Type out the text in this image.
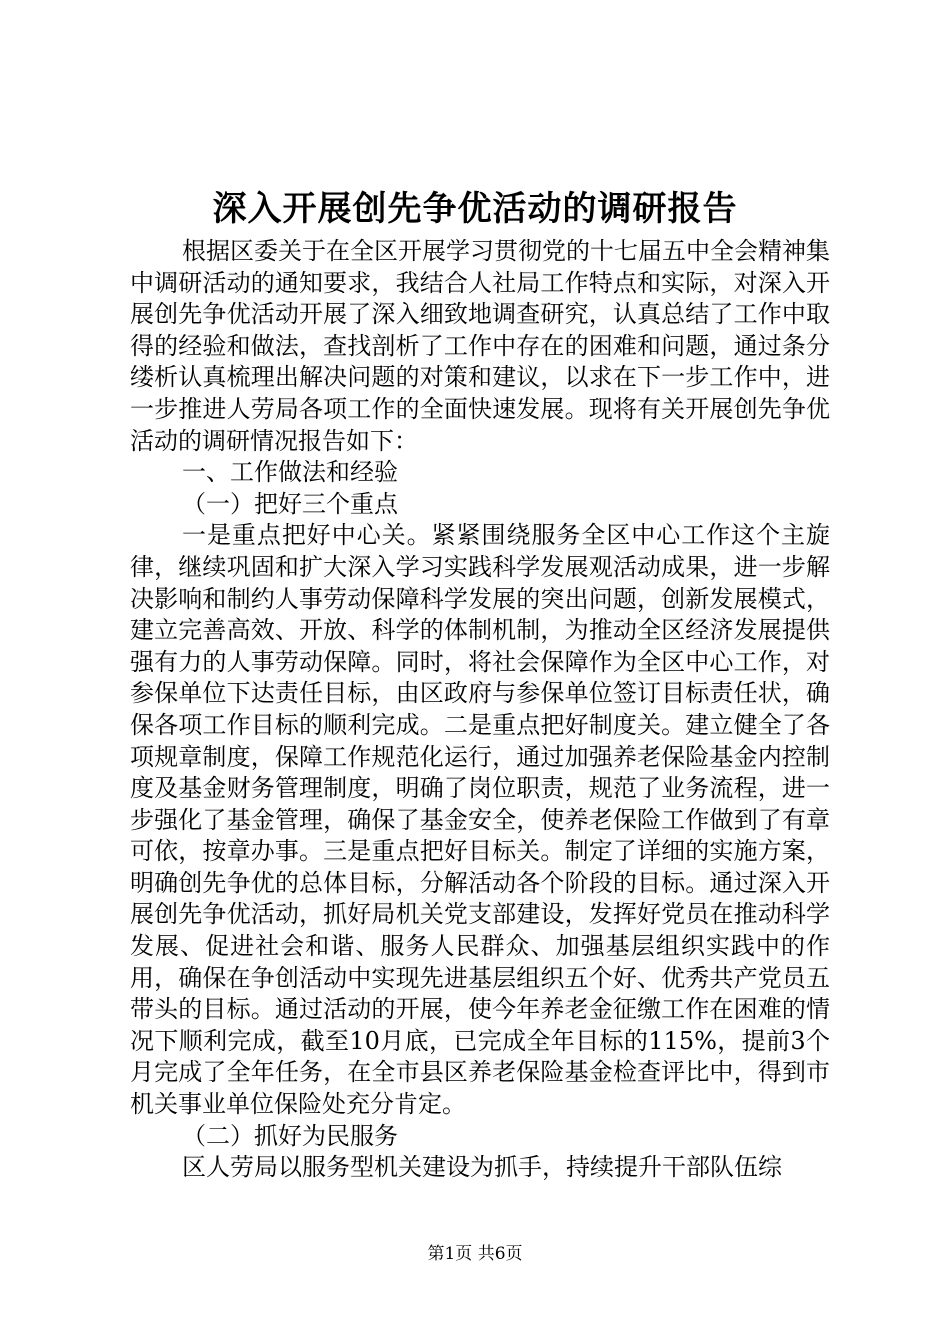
深入开展创先争优活动的调研报告

根据区委关于在全区开展学习贯彻党的十七届五中全会精神集中调研活动的通知要求，我结合人社局工作特点和实际，对深入开展创先争优活动开展了深入细致地调查研究，认真总结了工作中取得的经验和做法，查找剖析了工作中存在的困难和问题，通过条分缕析认真梳理出解决问题的对策和建议，以求在下一步工作中，进一步推进人劳局各项工作的全面快速发展。现将有关开展创先争优活动的调研情况报告如下：

一、工作做法和经验

（一）把好三个重点

一是重点把好中心关。紧紧围绕服务全区中心工作这个主旋律，继续巩固和扩大深入学习实践科学发展观活动成果，进一步解决影响和制约人事劳动保障科学发展的突出问题，创新发展模式，建立完善高效、开放、科学的体制机制，为推动全区经济发展提供强有力的人事劳动保障。同时，将社会保障作为全区中心工作，对参保单位下达责任目标，由区政府与参保单位签订目标责任状，确保各项工作目标的顺利完成。二是重点把好制度关。建立健全了各项规章制度，保障工作规范化运行，通过加强养老保险基金内控制度及基金财务管理制度，明确了岗位职责，规范了业务流程，进一步强化了基金管理，确保了基金安全，使养老保险工作做到了有章可依，按章办事。三是重点把好目标关。制定了详细的实施方案，明确创先争优的总体目标，分解活动各个阶段的目标。通过深入开展创先争优活动，抓好局机关党支部建设，发挥好党员在推动科学发展、促进社会和谐、服务人民群众、加强基层组织实践中的作用，确保在争创活动中实现先进基层组织五个好、优秀共产党员五带头的目标。通过活动的开展，使今年养老金征缴工作在困难的情况下顺利完成，截至10月底，已完成全年目标的115%，提前3个月完成了全年任务，在全市县区养老保险基金检查评比中，得到市机关事业单位保险处充分肯定。

（二）抓好为民服务

区人劳局以服务型机关建设为抓手，持续提升干部队伍综

第1页 共6页
